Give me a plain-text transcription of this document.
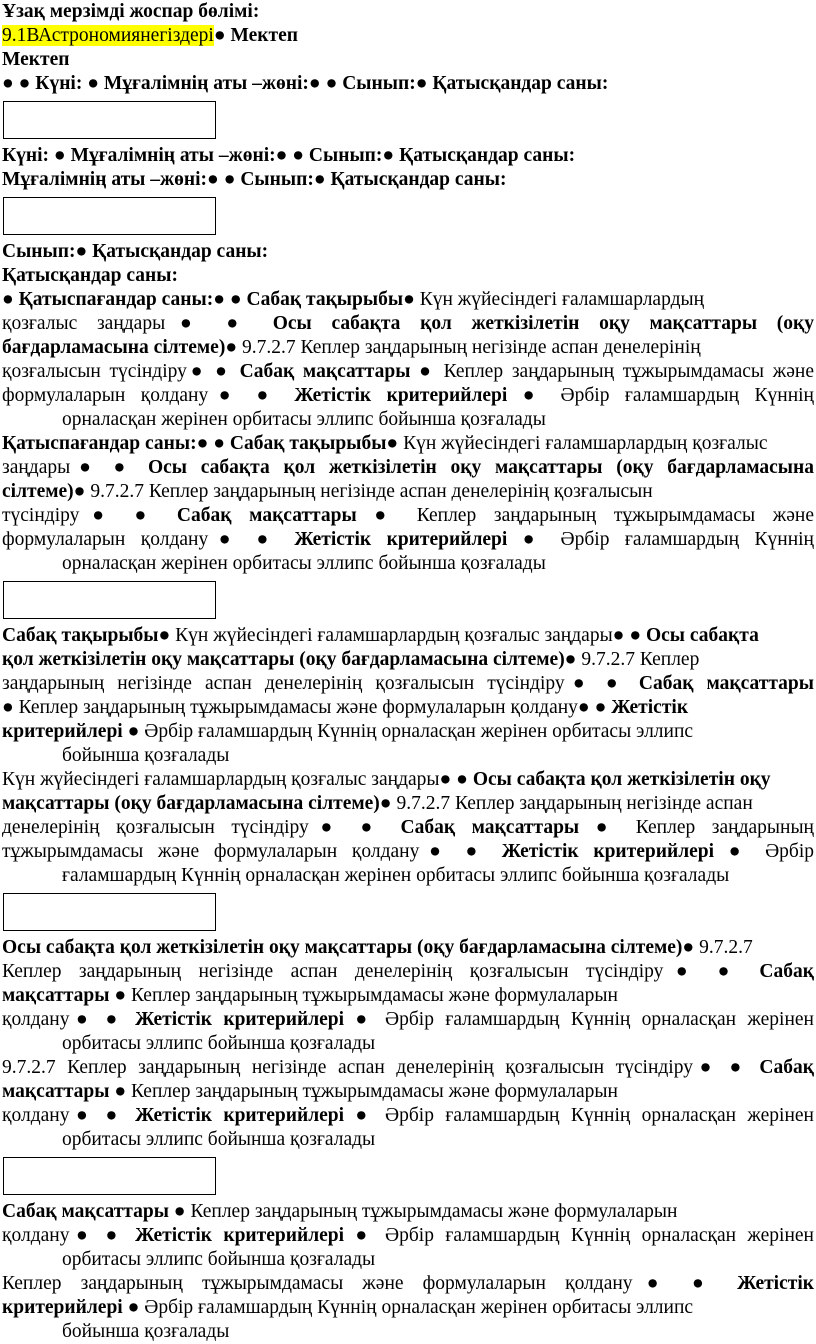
Ұзақ мерзімді жоспар бөлімі:
9.1ВАстрономиянегіздері● Мектеп
Мектеп
● ● Күні: ● Мұғалімнің аты –жөні:● ● Сынып:● Қатысқандар саны:
Күні: ● Мұғалімнің аты –жөні:● ● Сынып:● Қатысқандар саны:
Мұғалімнің аты –жөні:● ● Сынып:● Қатысқандар саны:
Сынып:● Қатысқандар саны:
Қатысқандар саны:
● Қатыспағандар саны:● ● Сабақ тақырыбы● Күн жүйесіндегі ғаламшарлардың
қозғалыс заңдары● ● Осы сабақта қол жеткізілетін оқу мақсаттары (оқу
бағдарламасына сілтеме)● 9.7.2.7 Кеплер заңдарының негізінде аспан денелерінің
қозғалысын түсіндіру● ● Сабақ мақсаттары ● Кеплер заңдарының тұжырымдамасы және
формулаларын қолдану● ● Жетістік критерийлері ● Әрбір ғаламшардың Күннің
орналасқан жерінен орбитасы эллипс бойынша қозғалады
Қатыспағандар саны:● ● Сабақ тақырыбы● Күн жүйесіндегі ғаламшарлардың қозғалыс
заңдары● ● Осы сабақта қол жеткізілетін оқу мақсаттары (оқу бағдарламасына
сілтеме)● 9.7.2.7 Кеплер заңдарының негізінде аспан денелерінің қозғалысын
түсіндіру● ● Сабақ мақсаттары ● Кеплер заңдарының тұжырымдамасы және
формулаларын қолдану● ● Жетістік критерийлері ● Әрбір ғаламшардың Күннің
орналасқан жерінен орбитасы эллипс бойынша қозғалады
Сабақ тақырыбы● Күн жүйесіндегі ғаламшарлардың қозғалыс заңдары● ● Осы сабақта
қол жеткізілетін оқу мақсаттары (оқу бағдарламасына сілтеме)● 9.7.2.7 Кеплер
заңдарының негізінде аспан денелерінің қозғалысын түсіндіру● ● Сабақ мақсаттары
● Кеплер заңдарының тұжырымдамасы және формулаларын қолдану● ● Жетістік
критерийлері ● Әрбір ғаламшардың Күннің орналасқан жерінен орбитасы эллипс
бойынша қозғалады
Күн жүйесіндегі ғаламшарлардың қозғалыс заңдары● ● Осы сабақта қол жеткізілетін оқу
мақсаттары (оқу бағдарламасына сілтеме)● 9.7.2.7 Кеплер заңдарының негізінде аспан
денелерінің қозғалысын түсіндіру● ● Сабақ мақсаттары ● Кеплер заңдарының
тұжырымдамасы және формулаларын қолдану● ● Жетістік критерийлері ● Әрбір
ғаламшардың Күннің орналасқан жерінен орбитасы эллипс бойынша қозғалады
Осы сабақта қол жеткізілетін оқу мақсаттары (оқу бағдарламасына сілтеме)● 9.7.2.7
Кеплер заңдарының негізінде аспан денелерінің қозғалысын түсіндіру● ● Сабақ
мақсаттары ● Кеплер заңдарының тұжырымдамасы және формулаларын
қолдану● ● Жетістік критерийлері ● Әрбір ғаламшардың Күннің орналасқан жерінен
орбитасы эллипс бойынша қозғалады
9.7.2.7 Кеплер заңдарының негізінде аспан денелерінің қозғалысын түсіндіру● ● Сабақ
мақсаттары ● Кеплер заңдарының тұжырымдамасы және формулаларын
қолдану● ● Жетістік критерийлері ● Әрбір ғаламшардың Күннің орналасқан жерінен
орбитасы эллипс бойынша қозғалады
Сабақ мақсаттары ● Кеплер заңдарының тұжырымдамасы және формулаларын
қолдану● ● Жетістік критерийлері ● Әрбір ғаламшардың Күннің орналасқан жерінен
орбитасы эллипс бойынша қозғалады
Кеплер заңдарының тұжырымдамасы және формулаларын қолдану● ● Жетістік
критерийлері ● Әрбір ғаламшардың Күннің орналасқан жерінен орбитасы эллипс
бойынша қозғалады
